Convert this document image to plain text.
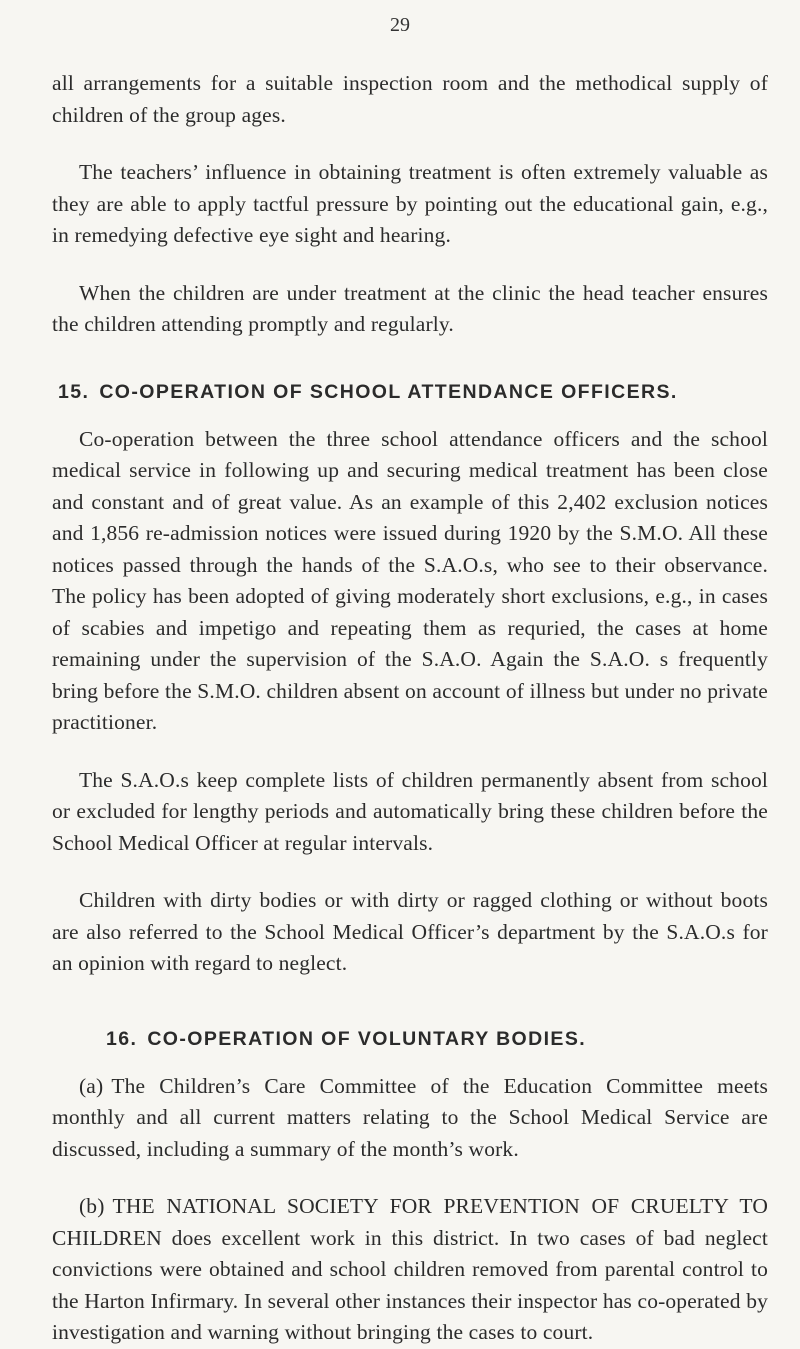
29

all arrangements for a suitable inspection room and the methodical supply of children of the group ages.

The teachers’ influence in obtaining treatment is often extremely valuable as they are able to apply tactful pressure by pointing out the educational gain, e.g., in remedying defective eye sight and hearing.

When the children are under treatment at the clinic the head teacher ensures the children attending promptly and regularly.

15. CO-OPERATION OF SCHOOL ATTENDANCE OFFICERS.

Co-operation between the three school attendance officers and the school medical service in following up and securing medical treatment has been close and constant and of great value. As an example of this 2,402 exclusion notices and 1,856 re-admission notices were issued during 1920 by the S.M.O. All these notices passed through the hands of the S.A.O.s, who see to their observance. The policy has been adopted of giving moderately short exclusions, e.g., in cases of scabies and impetigo and repeating them as requried, the cases at home remaining under the supervision of the S.A.O. Again the S.A.O. s frequently bring before the S.M.O. children absent on account of illness but under no private practitioner.

The S.A.O.s keep complete lists of children permanently absent from school or excluded for lengthy periods and automatically bring these children before the School Medical Officer at regular intervals.

Children with dirty bodies or with dirty or ragged clothing or without boots are also referred to the School Medical Officer’s department by the S.A.O.s for an opinion with regard to neglect.

16. CO-OPERATION OF VOLUNTARY BODIES.

(a) The Children’s Care Committee of the Education Committee meets monthly and all current matters relating to the School Medical Service are discussed, including a summary of the month’s work.

(b) THE NATIONAL SOCIETY FOR PREVENTION OF CRUELTY TO CHILDREN does excellent work in this district. In two cases of bad neglect convictions were obtained and school children removed from parental control to the Harton Infirmary. In several other instances their inspector has co-operated by investigation and warning without bringing the cases to court.
